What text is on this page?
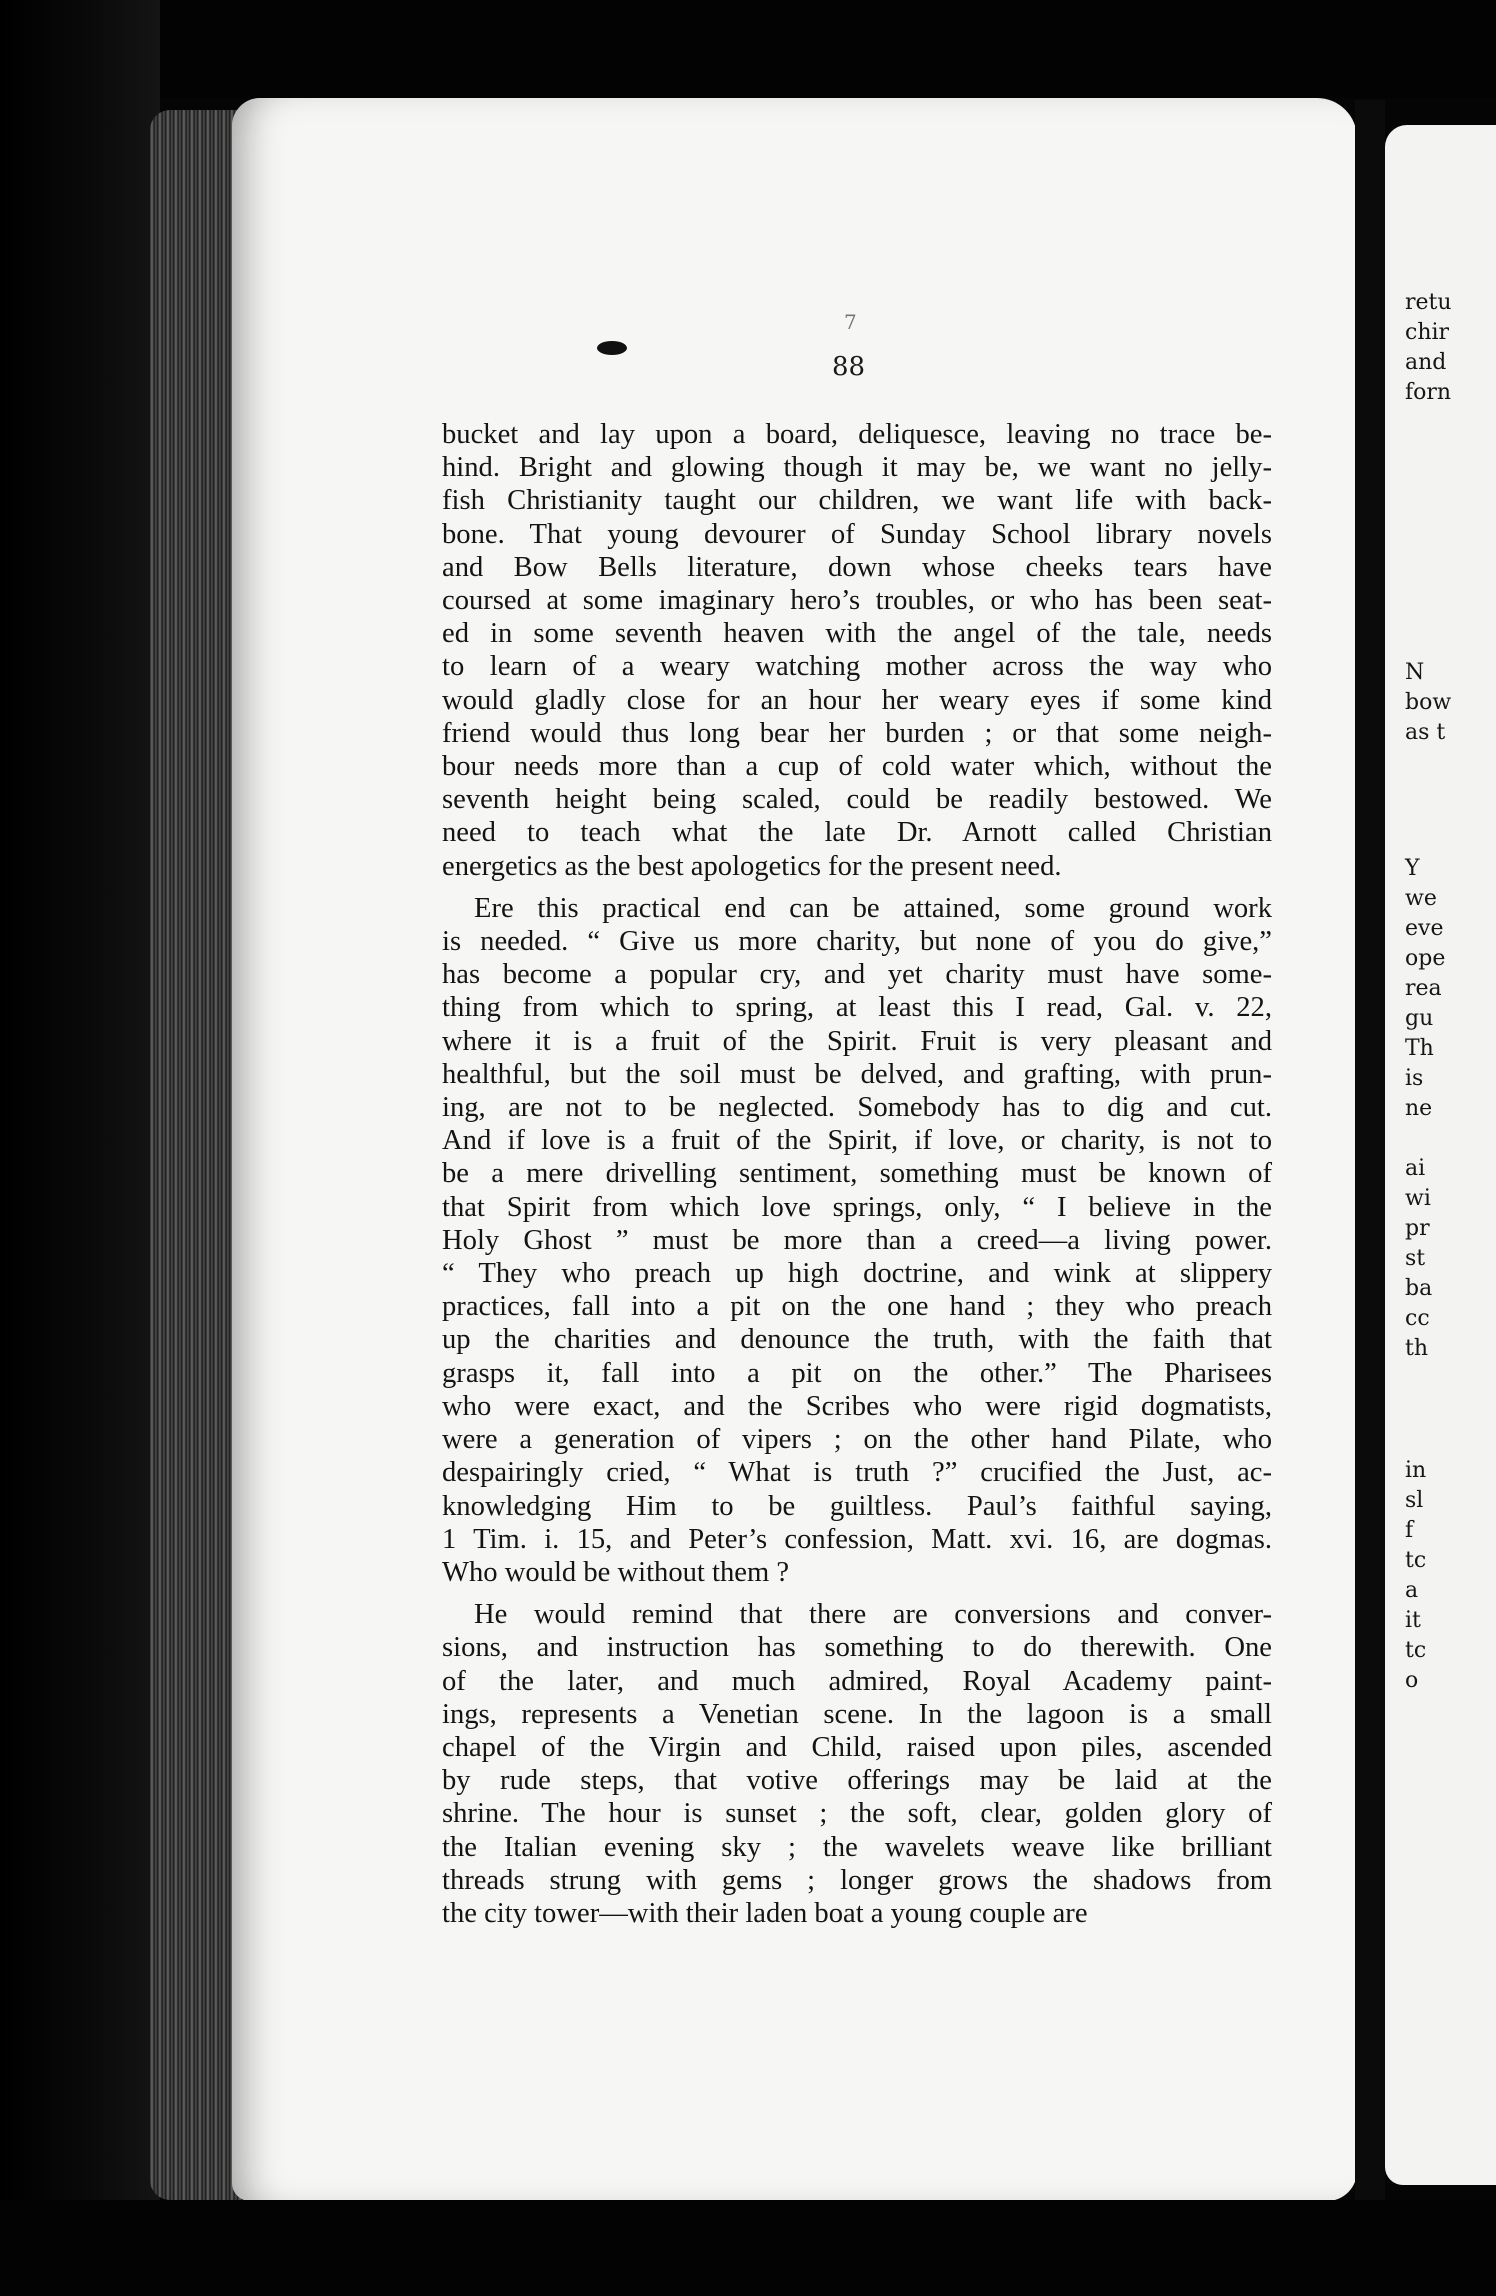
retu
chir
and
forn
N
bow
as t
Y
we
eve
ope
rea
gu
Th
is
ne
ai
wi
pr
st
ba
cc
th
in
sl
f
tc
a
it
tc
o
7
88

bucket and lay upon a board, deliquesce, leaving no trace be-
hind. Bright and glowing though it may be, we want no jelly-
fish Christianity taught our children, we want life with back-
bone. That young devourer of Sunday School library novels
and Bow Bells literature, down whose cheeks tears have
coursed at some imaginary hero’s troubles, or who has been seat-
ed in some seventh heaven with the angel of the tale, needs
to learn of a weary watching mother across the way who
would gladly close for an hour her weary eyes if some kind
friend would thus long bear her burden ; or that some neigh-
bour needs more than a cup of cold water which, without the
seventh height being scaled, could be readily bestowed. We
need to teach what the late Dr. Arnott called Christian
energetics as the best apologetics for the present need.

Ere this practical end can be attained, some ground work
is needed. “ Give us more charity, but none of you do give,”
has become a popular cry, and yet charity must have some-
thing from which to spring, at least this I read, Gal. v. 22,
where it is a fruit of the Spirit. Fruit is very pleasant and
healthful, but the soil must be delved, and grafting, with prun-
ing, are not to be neglected. Somebody has to dig and cut.
And if love is a fruit of the Spirit, if love, or charity, is not to
be a mere drivelling sentiment, something must be known of
that Spirit from which love springs, only, “ I believe in the
Holy Ghost ” must be more than a creed—a living power.
“ They who preach up high doctrine, and wink at slippery
practices, fall into a pit on the one hand ; they who preach
up the charities and denounce the truth, with the faith that
grasps it, fall into a pit on the other.” The Pharisees
who were exact, and the Scribes who were rigid dogmatists,
were a generation of vipers ; on the other hand Pilate, who
despairingly cried, “ What is truth ?” crucified the Just, ac-
knowledging Him to be guiltless. Paul’s faithful saying,
1 Tim. i. 15, and Peter’s confession, Matt. xvi. 16, are dogmas.
Who would be without them ?

He would remind that there are conversions and conver-
sions, and instruction has something to do therewith. One
of the later, and much admired, Royal Academy paint-
ings, represents a Venetian scene. In the lagoon is a small
chapel of the Virgin and Child, raised upon piles, ascended
by rude steps, that votive offerings may be laid at the
shrine. The hour is sunset ; the soft, clear, golden glory of
the Italian evening sky ; the wavelets weave like brilliant
threads strung with gems ; longer grows the shadows from
the city tower—with their laden boat a young couple are
